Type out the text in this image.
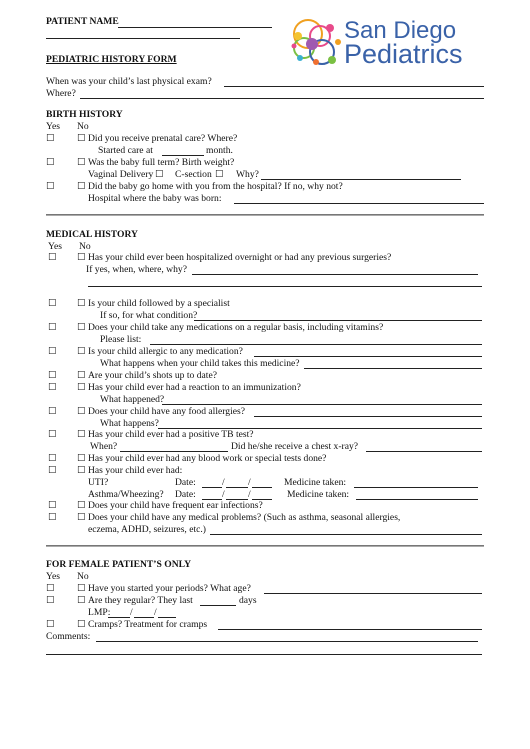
PATIENT NAME	San Diego
Pediatrics
PEDIATRIC HISTORY FORM
When was your child’s last physical exam?
Where?
BIRTH HISTORY
Yes No
☐ ☐ Did you receive prenatal care? Where?
Started care at	month.
☐ ☐ Was the baby full term? Birth weight?
Vaginal Delivery ☐ C-section ☐ Why?
☐ ☐ Did the baby go home with you from the hospital? If no, why not?
Hospital where the baby was born:
MEDICAL HISTORY
Yes No
☐ ☐ Has your child ever been hospitalized overnight or had any previous surgeries?
If yes, when, where, why?
☐ ☐ Is your child followed by a specialist
If so, for what condition?
☐ ☐ Does your child take any medications on a regular basis, including vitamins?
Please list:
☐ ☐ Is your child allergic to any medication?
What happens when your child takes this medicine?
☐ ☐ Are your child’s shots up to date?
☐ ☐ Has your child ever had a reaction to an immunization?
What happened?
☐ ☐ Does your child have any food allergies?
What happens?
☐ ☐ Has your child ever had a positive TB test?
When?	Did he/she receive a chest x-ray?
☐ ☐ Has your child ever had any blood work or special tests done?
☐ ☐ Has your child ever had:
UTI?	Date:	/ /	Medicine taken:
Asthma/Wheezing? Date:	/ /	Medicine taken:
☐ ☐ Does your child have frequent ear infections?
☐ ☐ Does your child have any medical problems? (Such as asthma, seasonal allergies,
eczema, ADHD, seizures, etc.)
FOR FEMALE PATIENT’S ONLY
Yes No
☐ ☐ Have you started your periods? What age?
☐ ☐ Are they regular? They last	days
LMP: / /
☐ ☐ Cramps? Treatment for cramps
Comments:
